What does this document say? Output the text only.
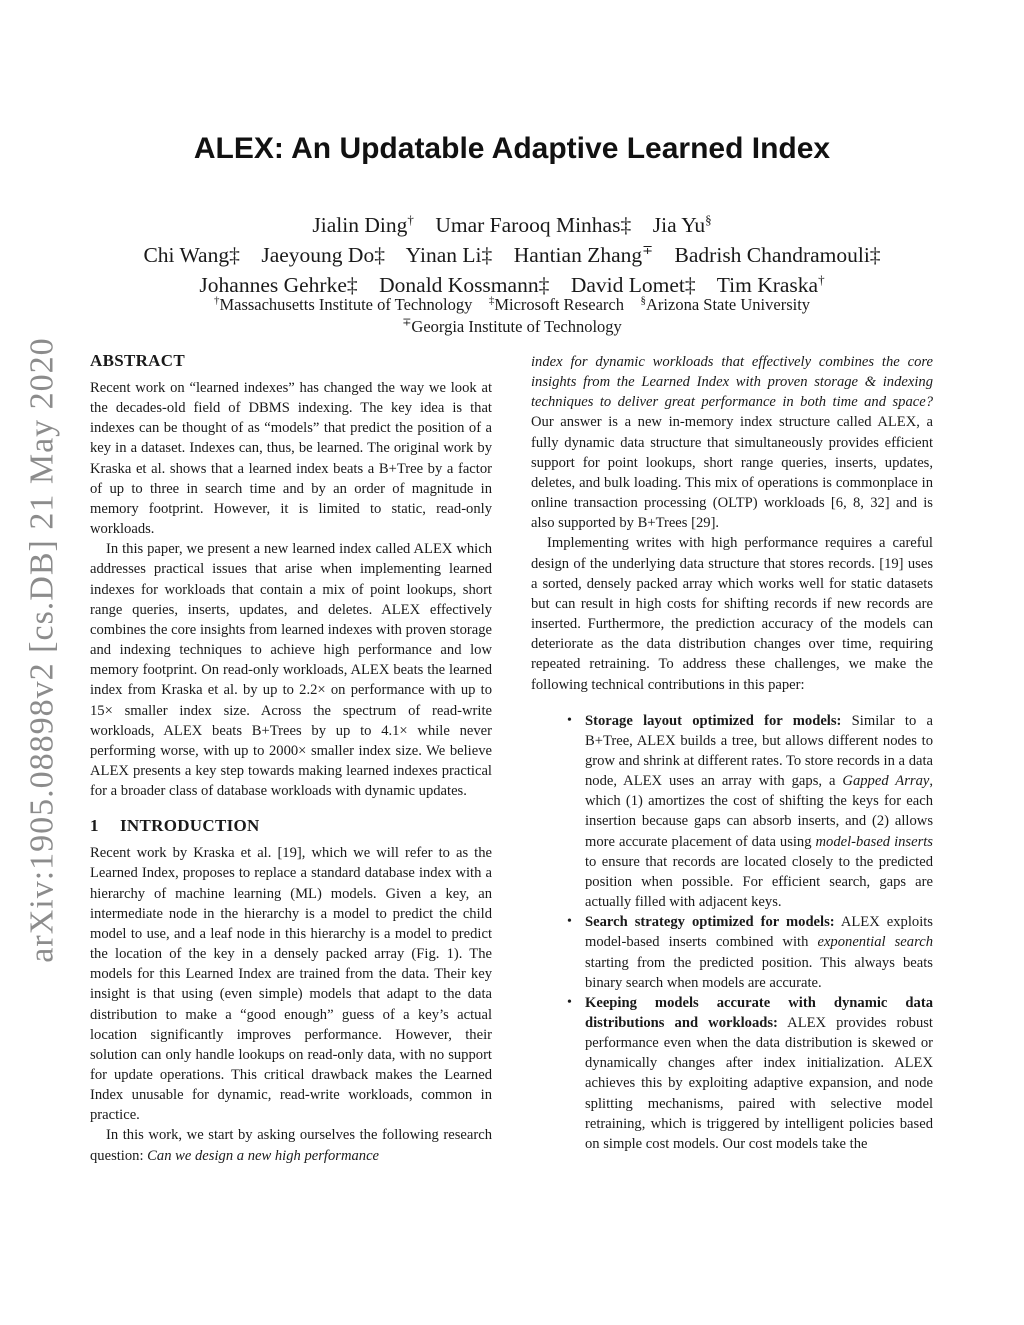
arXiv:1905.08898v2 [cs.DB] 21 May 2020
ALEX: An Updatable Adaptive Learned Index
Jialin Ding† Umar Farooq Minhas‡ Jia Yu§
Chi Wang‡ Jaeyoung Do‡ Yinan Li‡ Hantian Zhang∓ Badrish Chandramouli‡
Johannes Gehrke‡ Donald Kossmann‡ David Lomet‡ Tim Kraska†
†Massachusetts Institute of Technology ‡Microsoft Research §Arizona State University
∓Georgia Institute of Technology
ABSTRACT

Recent work on “learned indexes” has changed the way we look at the decades-old field of DBMS indexing. The key idea is that indexes can be thought of as “models” that predict the position of a key in a dataset. Indexes can, thus, be learned. The original work by Kraska et al. shows that a learned index beats a B+Tree by a factor of up to three in search time and by an order of magnitude in memory footprint. However, it is limited to static, read-only workloads.

In this paper, we present a new learned index called ALEX which addresses practical issues that arise when implementing learned indexes for workloads that contain a mix of point lookups, short range queries, inserts, updates, and deletes. ALEX effectively combines the core insights from learned indexes with proven storage and indexing techniques to achieve high performance and low memory footprint. On read-only workloads, ALEX beats the learned index from Kraska et al. by up to 2.2× on performance with up to 15× smaller index size. Across the spectrum of read-write workloads, ALEX beats B+Trees by up to 4.1× while never performing worse, with up to 2000× smaller index size. We believe ALEX presents a key step towards making learned indexes practical for a broader class of database workloads with dynamic updates.

1 INTRODUCTION

Recent work by Kraska et al. [19], which we will refer to as the Learned Index, proposes to replace a standard database index with a hierarchy of machine learning (ML) models. Given a key, an intermediate node in the hierarchy is a model to predict the child model to use, and a leaf node in this hierarchy is a model to predict the location of the key in a densely packed array (Fig. 1). The models for this Learned Index are trained from the data. Their key insight is that using (even simple) models that adapt to the data distribution to make a “good enough” guess of a key’s actual location significantly improves performance. However, their solution can only handle lookups on read-only data, with no support for update operations. This critical drawback makes the Learned Index unusable for dynamic, read-write workloads, common in practice.

In this work, we start by asking ourselves the following research question: Can we design a new high performance

index for dynamic workloads that effectively combines the core insights from the Learned Index with proven storage & indexing techniques to deliver great performance in both time and space? Our answer is a new in-memory index structure called ALEX, a fully dynamic data structure that simultaneously provides efficient support for point lookups, short range queries, inserts, updates, deletes, and bulk loading. This mix of operations is commonplace in online transaction processing (OLTP) workloads [6, 8, 32] and is also supported by B+Trees [29].

Implementing writes with high performance requires a careful design of the underlying data structure that stores records. [19] uses a sorted, densely packed array which works well for static datasets but can result in high costs for shifting records if new records are inserted. Furthermore, the prediction accuracy of the models can deteriorate as the data distribution changes over time, requiring repeated retraining. To address these challenges, we make the following technical contributions in this paper:

• Storage layout optimized for models: Similar to a B+Tree, ALEX builds a tree, but allows different nodes to grow and shrink at different rates. To store records in a data node, ALEX uses an array with gaps, a Gapped Array, which (1) amortizes the cost of shifting the keys for each insertion because gaps can absorb inserts, and (2) allows more accurate placement of data using model-based inserts to ensure that records are located closely to the predicted position when possible. For efficient search, gaps are actually filled with adjacent keys.
• Search strategy optimized for models: ALEX exploits model-based inserts combined with exponential search starting from the predicted position. This always beats binary search when models are accurate.
• Keeping models accurate with dynamic data distributions and workloads: ALEX provides robust performance even when the data distribution is skewed or dynamically changes after index initialization. ALEX achieves this by exploiting adaptive expansion, and node splitting mechanisms, paired with selective model retraining, which is triggered by intelligent policies based on simple cost models. Our cost models take the
